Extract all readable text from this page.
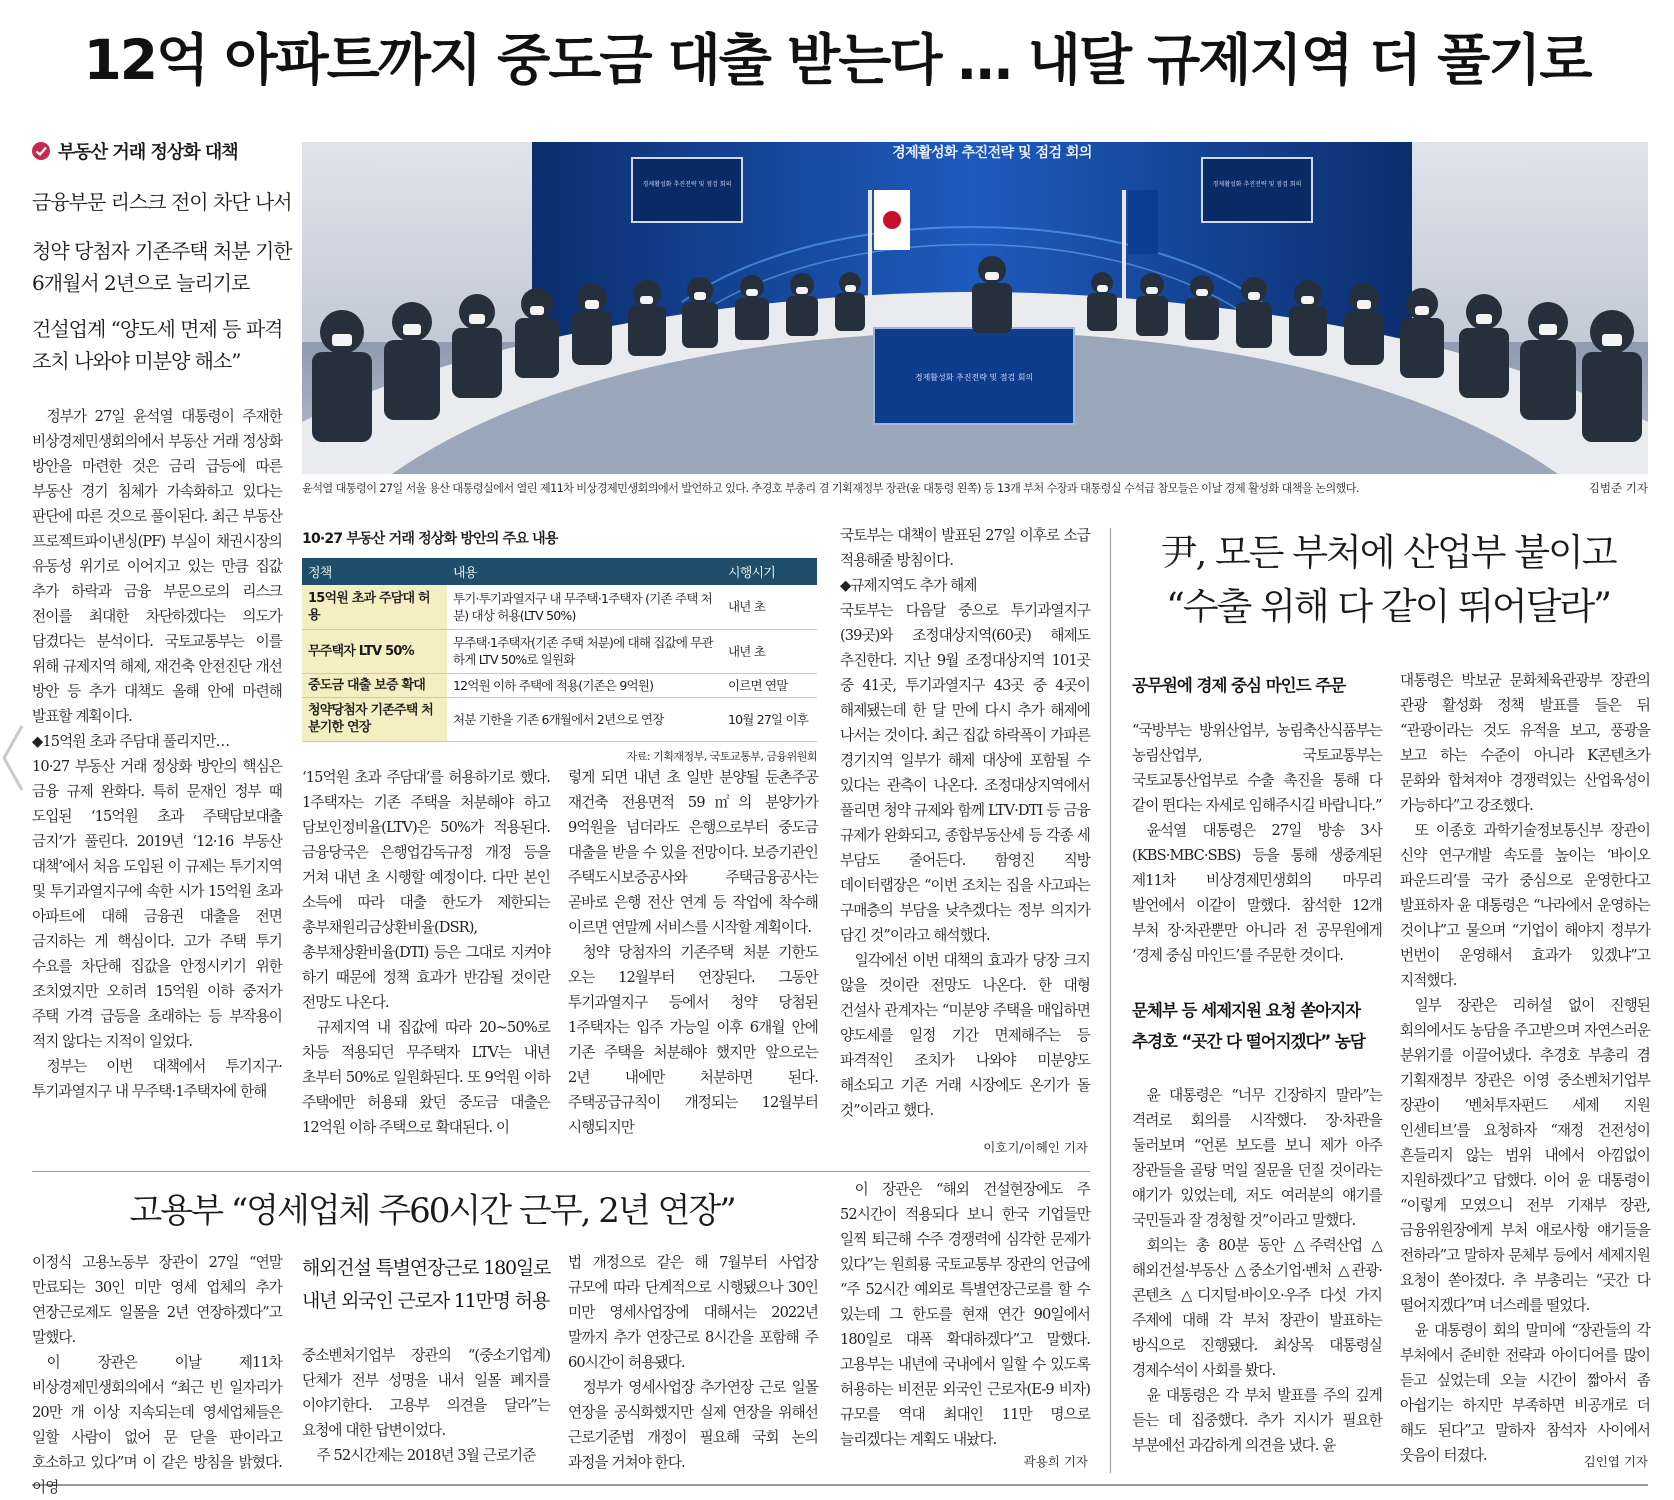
12억 아파트까지 중도금 대출 받는다 … 내달 규제지역 더 풀기로
부동산 거래 정상화 대책
금융부문 리스크 전이 차단 나서
청약 당첨자 기존주택 처분 기한 6개월서 2년으로 늘리기로
건설업계 “양도세 면제 등 파격 조치 나와야 미분양 해소”
경제활성화 추진전략 및 점검 회의
경제활성화 추진전략 및 점검 회의	경제활성화 추진전략 및 점검 회의
경제활성화 추진전략 및 점검 회의
윤석열 대통령이 27일 서울 용산 대통령실에서 열린 제11차 비상경제민생회의에서 발언하고 있다. 추경호 부총리 겸 기획재정부 장관(윤 대통령 왼쪽) 등 13개 부처 수장과 대통령실 수석급 참모들은 이날 경제 활성화 대책을 논의했다.	김범준 기자

정부가 27일 윤석열 대통령이 주재한 비상경제민생회의에서 부동산 거래 정상화 방안을 마련한 것은 금리 급등에 따른 부동산 경기 침체가 가속화하고 있다는 판단에 따른 것으로 풀이된다. 최근 부동산 프로젝트파이낸싱(PF) 부실이 채권시장의 유동성 위기로 이어지고 있는 만큼 집값 추가 하락과 금융 부문으로의 리스크 전이를 최대한 차단하겠다는 의도가 담겼다는 분석이다. 국토교통부는 이를 위해 규제지역 해제, 재건축 안전진단 개선 방안 등 추가 대책도 올해 안에 마련해 발표할 계획이다.

◆15억원 초과 주담대 풀리지만…

10·27 부동산 거래 정상화 방안의 핵심은 금융 규제 완화다. 특히 문재인 정부 때 도입된 ‘15억원 초과 주택담보대출 금지’가 풀린다. 2019년 ‘12·16 부동산 대책’에서 처음 도입된 이 규제는 투기지역 및 투기과열지구에 속한 시가 15억원 초과 아파트에 대해 금융권 대출을 전면 금지하는 게 핵심이다. 고가 주택 투기 수요를 차단해 집값을 안정시키기 위한 조치였지만 오히려 15억원 이하 중저가 주택 가격 급등을 초래하는 등 부작용이 적지 않다는 지적이 일었다.

정부는 이번 대책에서 투기지구·투기과열지구 내 무주택·1주택자에 한해

10·27 부동산 거래 정상화 방안의 주요 내용
정책	내용	시행시기
15억원 초과 주담대 허용	투기·투기과열지구 내 무주택·1주택자 (기존 주택 처분) 대상 허용(LTV 50%)	내년 초
무주택자 LTV 50%	무주택·1주택자(기존 주택 처분)에 대해 집값에 무관하게 LTV 50%로 일원화	내년 초
중도금 대출 보증 확대	12억원 이하 주택에 적용(기존은 9억원)	이르면 연말
청약당첨자 기존주택 처분기한 연장	처분 기한을 기존 6개월에서 2년으로 연장	10월 27일 이후
자료: 기획재정부, 국토교통부, 금융위원회

‘15억원 초과 주담대’를 허용하기로 했다. 1주택자는 기존 주택을 처분해야 하고 담보인정비율(LTV)은 50%가 적용된다. 금융당국은 은행업감독규정 개정 등을 거쳐 내년 초 시행할 예정이다. 다만 본인 소득에 따라 대출 한도가 제한되는 총부채원리금상환비율(DSR), 총부채상환비율(DTI) 등은 그대로 지켜야 하기 때문에 정책 효과가 반감될 것이란 전망도 나온다.

규제지역 내 집값에 따라 20∼50%로 차등 적용되던 무주택자 LTV는 내년 초부터 50%로 일원화된다. 또 9억원 이하 주택에만 허용돼 왔던 중도금 대출은 12억원 이하 주택으로 확대된다. 이

렇게 되면 내년 초 일반 분양될 둔촌주공 재건축 전용면적 59㎡의 분양가가 9억원을 넘더라도 은행으로부터 중도금 대출을 받을 수 있을 전망이다. 보증기관인 주택도시보증공사와 주택금융공사는 곧바로 은행 전산 연계 등 작업에 착수해 이르면 연말께 서비스를 시작할 계획이다.

청약 당첨자의 기존주택 처분 기한도 오는 12월부터 연장된다. 그동안 투기과열지구 등에서 청약 당첨된 1주택자는 입주 가능일 이후 6개월 안에 기존 주택을 처분해야 했지만 앞으로는 2년 내에만 처분하면 된다. 주택공급규칙이 개정되는 12월부터 시행되지만

국토부는 대책이 발표된 27일 이후로 소급 적용해줄 방침이다.

◆규제지역도 추가 해제

국토부는 다음달 중으로 투기과열지구(39곳)와 조정대상지역(60곳) 해제도 추진한다. 지난 9월 조정대상지역 101곳 중 41곳, 투기과열지구 43곳 중 4곳이 해제됐는데 한 달 만에 다시 추가 해제에 나서는 것이다. 최근 집값 하락폭이 가파른 경기지역 일부가 해제 대상에 포함될 수 있다는 관측이 나온다. 조정대상지역에서 풀리면 청약 규제와 함께 LTV·DTI 등 금융 규제가 완화되고, 종합부동산세 등 각종 세 부담도 줄어든다. 함영진 직방 데이터랩장은 “이번 조치는 집을 사고파는 구매층의 부담을 낮추겠다는 정부 의지가 담긴 것”이라고 해석했다.

일각에선 이번 대책의 효과가 당장 크지 않을 것이란 전망도 나온다. 한 대형 건설사 관계자는 “미분양 주택을 매입하면 양도세를 일정 기간 면제해주는 등 파격적인 조치가 나와야 미분양도 해소되고 기존 거래 시장에도 온기가 돌 것”이라고 했다.

이호기/이혜인 기자
尹, 모든 부처에 산업부 붙이고
“수출 위해 다 같이 뛰어달라”
공무원에 경제 중심 마인드 주문

“국방부는 방위산업부, 농림축산식품부는 농림산업부, 국토교통부는 국토교통산업부로 수출 촉진을 통해 다 같이 뛴다는 자세로 임해주시길 바랍니다.”

윤석열 대통령은 27일 방송 3사(KBS·MBC·SBS) 등을 통해 생중계된 제11차 비상경제민생회의 마무리 발언에서 이같이 말했다. 참석한 12개 부처 장·차관뿐만 아니라 전 공무원에게 ‘경제 중심 마인드’를 주문한 것이다.

문체부 등 세제지원 요청 쏟아지자
추경호 “곳간 다 떨어지겠다” 농담

윤 대통령은 “너무 긴장하지 말라”는 격려로 회의를 시작했다. 장·차관을 둘러보며 “언론 보도를 보니 제가 아주 장관들을 골탕 먹일 질문을 던질 것이라는 얘기가 있었는데, 저도 여러분의 얘기를 국민들과 잘 경청할 것”이라고 말했다.

회의는 총 80분 동안 △주력산업 △해외건설·부동산 △중소기업·벤처 △관광·콘텐츠 △디지털·바이오·우주 다섯 가지 주제에 대해 각 부처 장관이 발표하는 방식으로 진행됐다. 최상목 대통령실 경제수석이 사회를 봤다.

윤 대통령은 각 부처 발표를 주의 깊게 듣는 데 집중했다. 추가 지시가 필요한 부분에선 과감하게 의견을 냈다. 윤

대통령은 박보균 문화체육관광부 장관의 관광 활성화 정책 발표를 들은 뒤 “관광이라는 것도 유적을 보고, 풍광을 보고 하는 수준이 아니라 K콘텐츠가 문화와 합쳐져야 경쟁력있는 산업육성이 가능하다”고 강조했다.

또 이종호 과학기술정보통신부 장관이 신약 연구개발 속도를 높이는 ‘바이오 파운드리’를 국가 중심으로 운영한다고 발표하자 윤 대통령은 “나라에서 운영하는 것이냐”고 물으며 “기업이 해야지 정부가 번번이 운영해서 효과가 있겠냐”고 지적했다.

일부 장관은 리허설 없이 진행된 회의에서도 농담을 주고받으며 자연스러운 분위기를 이끌어냈다. 추경호 부총리 겸 기획재정부 장관은 이영 중소벤처기업부 장관이 ‘벤처투자펀드 세제 지원 인센티브’를 요청하자 “재정 건전성이 흔들리지 않는 범위 내에서 아낌없이 지원하겠다”고 답했다. 이어 윤 대통령이 “이렇게 모였으니 전부 기재부 장관, 금융위원장에게 부처 애로사항 얘기들을 전하라”고 말하자 문체부 등에서 세제지원 요청이 쏟아졌다. 추 부총리는 “곳간 다 떨어지겠다”며 너스레를 떨었다.

윤 대통령이 회의 말미에 “장관들의 각 부처에서 준비한 전략과 아이디어를 많이 듣고 싶었는데 오늘 시간이 짧아서 좀 아쉽기는 하지만 부족하면 비공개로 더 해도 된다”고 말하자 참석자 사이에서 웃음이 터졌다.	김인엽 기자
고용부 “영세업체 주60시간 근무, 2년 연장”

이정식 고용노동부 장관이 27일 “연말 만료되는 30인 미만 영세 업체의 추가 연장근로제도 일몰을 2년 연장하겠다”고 말했다.

이 장관은 이날 제11차 비상경제민생회의에서 “최근 빈 일자리가 20만 개 이상 지속되는데 영세업체들은 일할 사람이 없어 문 닫을 판이라고 호소하고 있다”며 이 같은 방침을 밝혔다. 이영

해외건설 특별연장근로 180일로
내년 외국인 근로자 11만명 허용

중소벤처기업부 장관의 “(중소기업계) 단체가 전부 성명을 내서 일몰 폐지를 이야기한다. 고용부 의견을 달라”는 요청에 대한 답변이었다.

주 52시간제는 2018년 3월 근로기준

법 개정으로 같은 해 7월부터 사업장 규모에 따라 단계적으로 시행됐으나 30인 미만 영세사업장에 대해서는 2022년 말까지 추가 연장근로 8시간을 포함해 주 60시간이 허용됐다.

정부가 영세사업장 추가연장 근로 일몰 연장을 공식화했지만 실제 연장을 위해선 근로기준법 개정이 필요해 국회 논의 과정을 거쳐야 한다.

이 장관은 “해외 건설현장에도 주 52시간이 적용되다 보니 한국 기업들만 일찍 퇴근해 수주 경쟁력에 심각한 문제가 있다”는 원희룡 국토교통부 장관의 언급에 “주 52시간 예외로 특별연장근로를 할 수 있는데 그 한도를 현재 연간 90일에서 180일로 대폭 확대하겠다”고 말했다. 고용부는 내년에 국내에서 일할 수 있도록 허용하는 비전문 외국인 근로자(E-9 비자) 규모를 역대 최대인 11만 명으로 늘리겠다는 계획도 내놨다.

곽용희 기자
